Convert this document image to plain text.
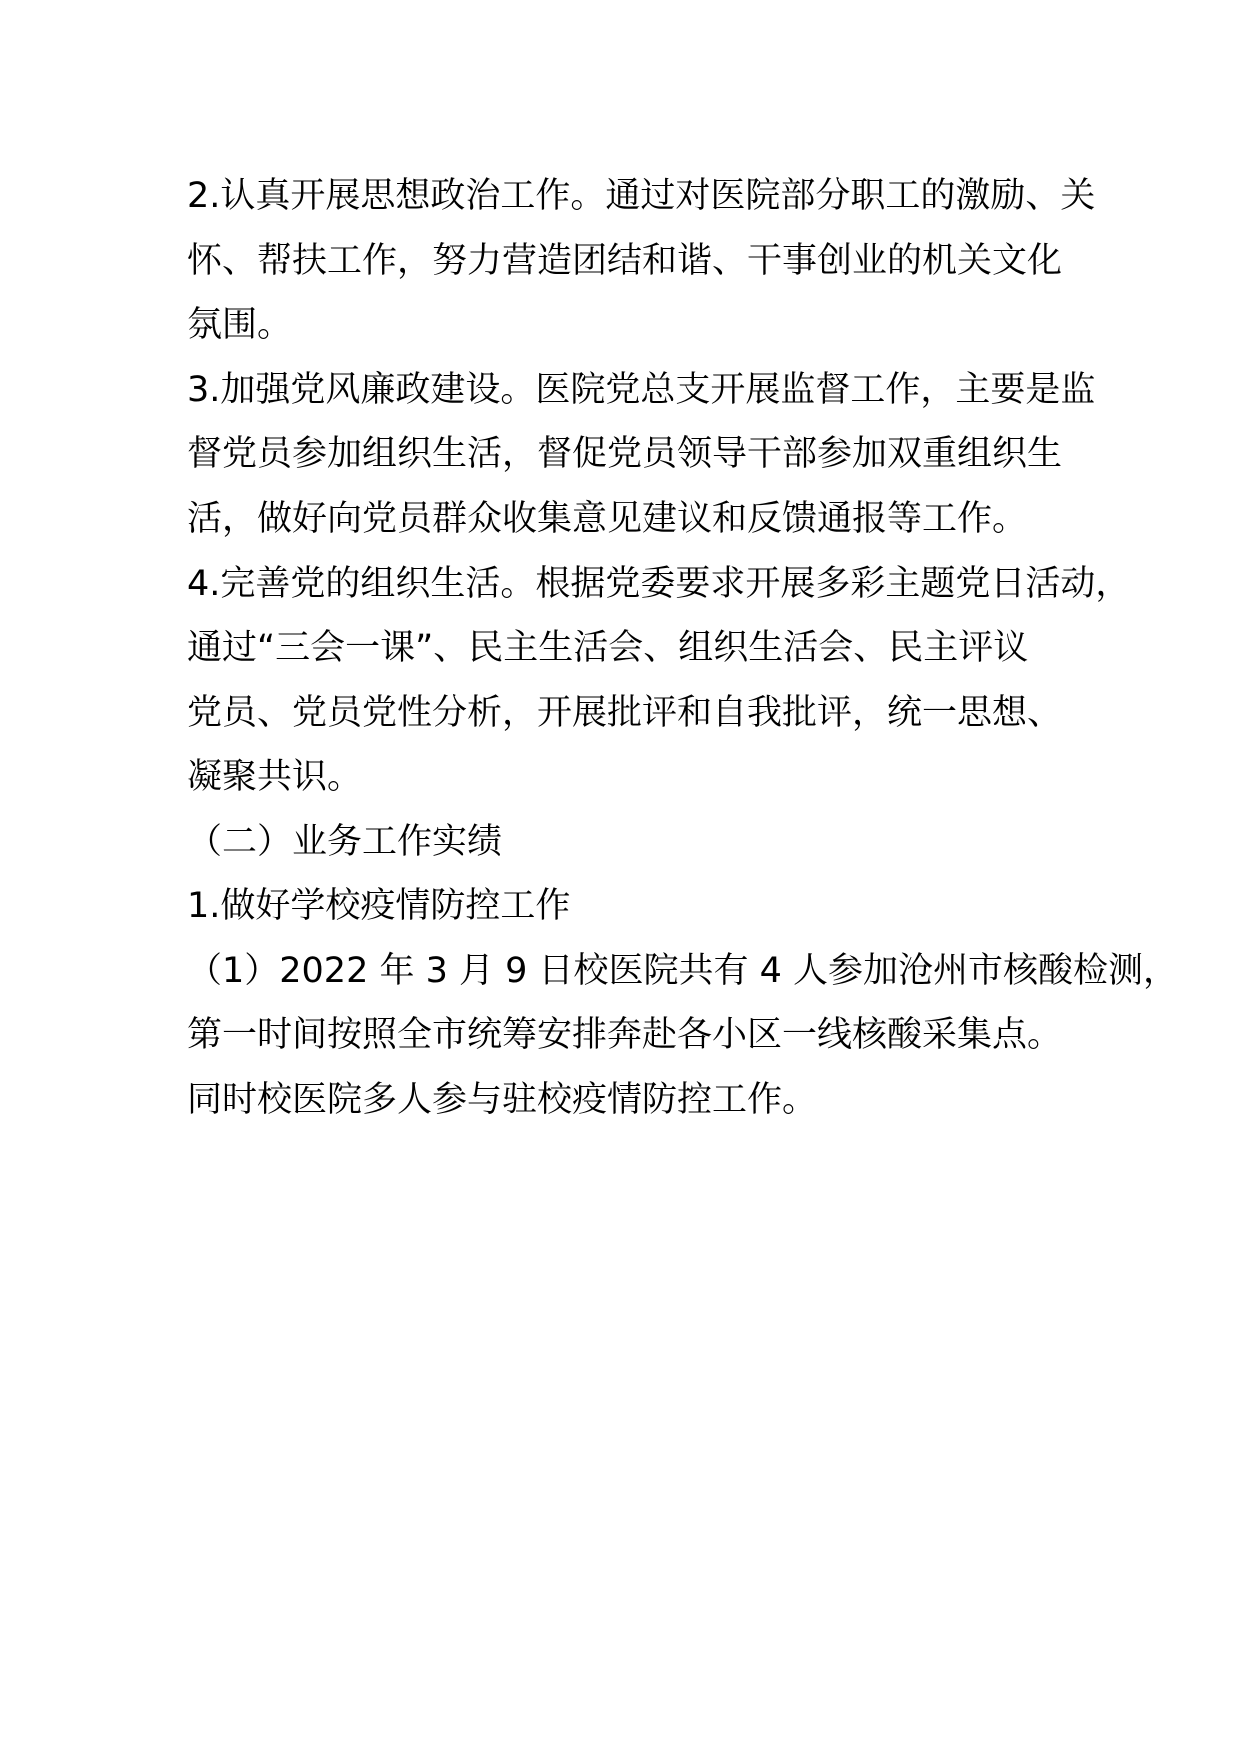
2.认真开展思想政治工作。通过对医院部分职工的激励、关
怀、帮扶工作，努力营造团结和谐、干事创业的机关文化
氛围。
3.加强党风廉政建设。医院党总支开展监督工作，主要是监
督党员参加组织生活，督促党员领导干部参加双重组织生
活，做好向党员群众收集意见建议和反馈通报等工作。
4.完善党的组织生活。根据党委要求开展多彩主题党日活动，
通过“三会一课”、民主生活会、组织生活会、民主评议
党员、党员党性分析，开展批评和自我批评，统一思想、
凝聚共识。
（二）业务工作实绩
1.做好学校疫情防控工作
（1）2022 年 3 月 9 日校医院共有 4 人参加沧州市核酸检测，
第一时间按照全市统筹安排奔赴各小区一线核酸采集点。
同时校医院多人参与驻校疫情防控工作。
